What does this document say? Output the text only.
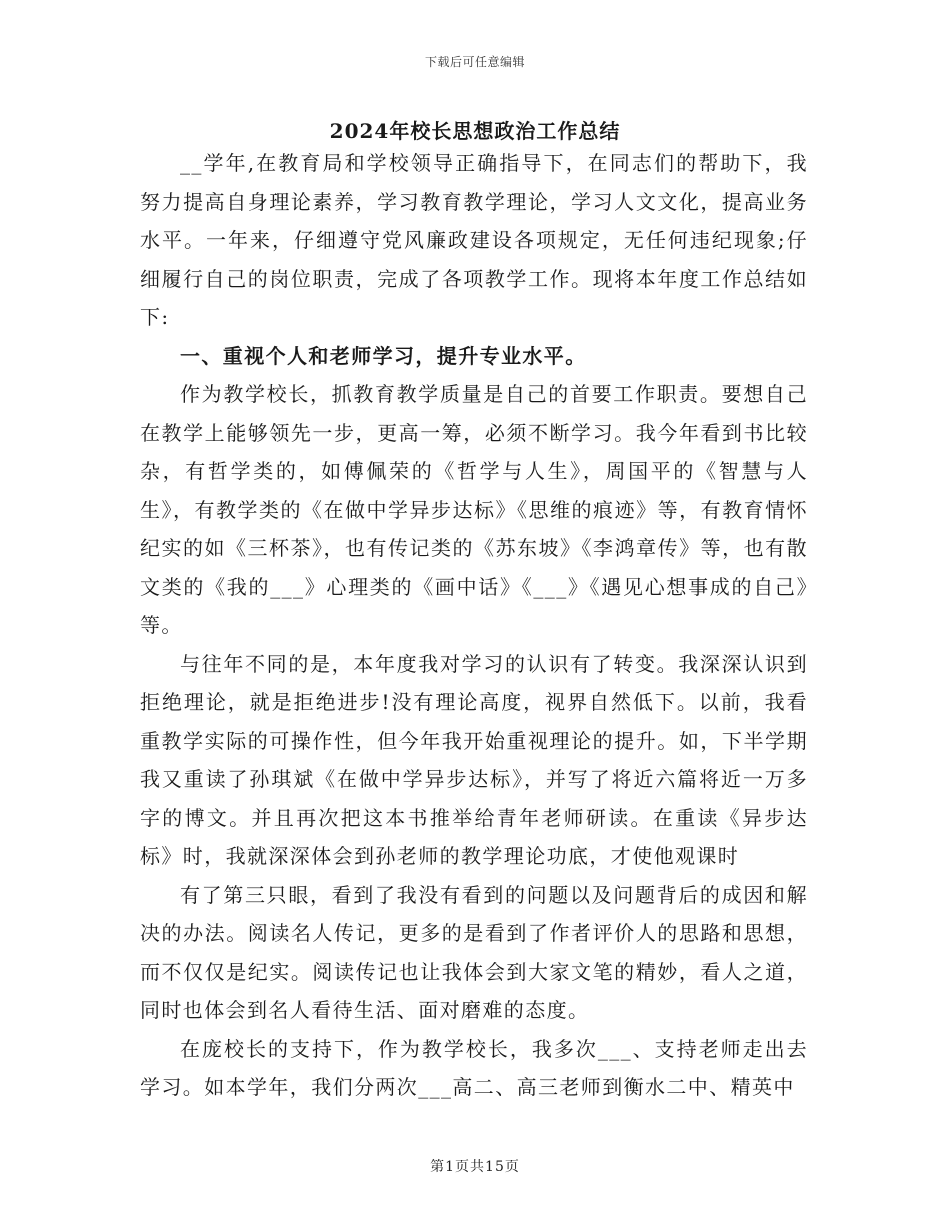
下载后可任意编辑
2024年校长思想政治工作总结

__学年,在教育局和学校领导正确指导下，在同志们的帮助下，我努力提高自身理论素养，学习教育教学理论，学习人文文化，提高业务水平。一年来，仔细遵守党风廉政建设各项规定，无任何违纪现象;仔细履行自己的岗位职责，完成了各项教学工作。现将本年度工作总结如下:

一、重视个人和老师学习，提升专业水平。

作为教学校长，抓教育教学质量是自己的首要工作职责。要想自己在教学上能够领先一步，更高一筹，必须不断学习。我今年看到书比较杂，有哲学类的，如傅佩荣的《哲学与人生》，周国平的《智慧与人生》，有教学类的《在做中学异步达标》《思维的痕迹》等，有教育情怀纪实的如《三杯茶》，也有传记类的《苏东坡》《李鸿章传》等，也有散文类的《我的___》心理类的《画中话》《___》《遇见心想事成的自己》等。

与往年不同的是，本年度我对学习的认识有了转变。我深深认识到拒绝理论，就是拒绝进步!没有理论高度，视界自然低下。以前，我看重教学实际的可操作性，但今年我开始重视理论的提升。如，下半学期我又重读了孙琪斌《在做中学异步达标》，并写了将近六篇将近一万多字的博文。并且再次把这本书推举给青年老师研读。在重读《异步达标》时，我就深深体会到孙老师的教学理论功底，才使他观课时

有了第三只眼，看到了我没有看到的问题以及问题背后的成因和解决的办法。阅读名人传记，更多的是看到了作者评价人的思路和思想，而不仅仅是纪实。阅读传记也让我体会到大家文笔的精妙，看人之道，同时也体会到名人看待生活、面对磨难的态度。

在庞校长的支持下，作为教学校长，我多次___、支持老师走出去学习。如本学年，我们分两次___高二、高三老师到衡水二中、精英中

第1页共15页
